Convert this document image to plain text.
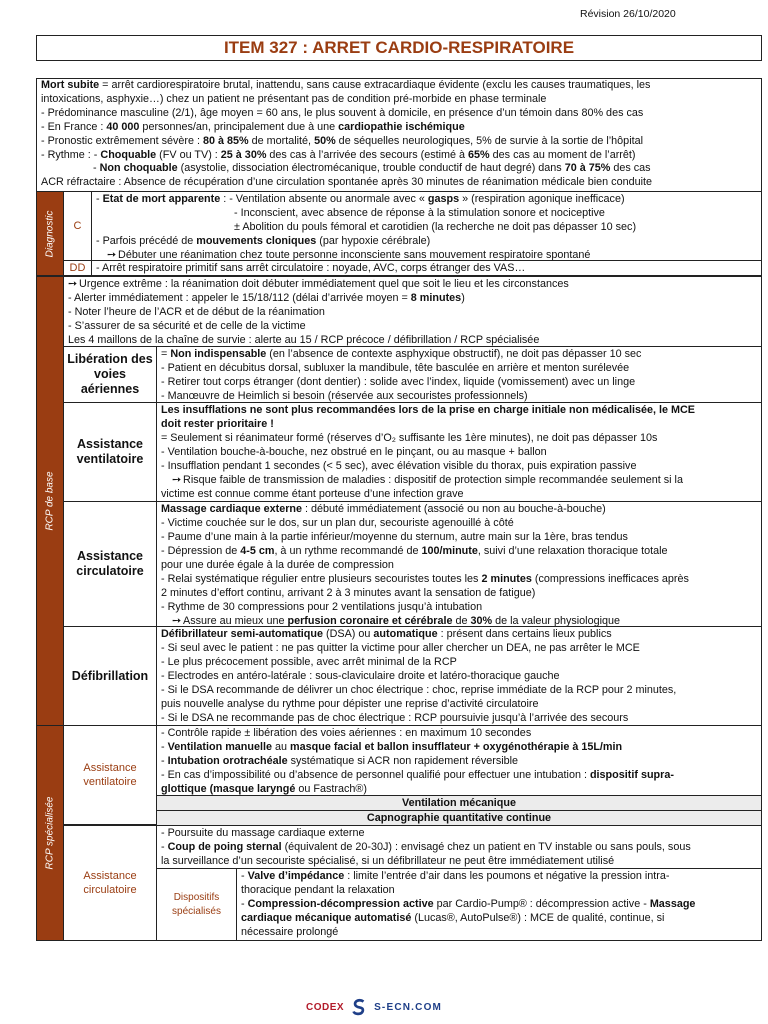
Révision 26/10/2020
ITEM 327 : ARRET CARDIO-RESPIRATOIRE

Mort subite = arrêt cardiorespiratoire brutal, inattendu, sans cause extracardiaque évidente (exclu les causes traumatiques, les

intoxications, asphyxie…) chez un patient ne présentant pas de condition pré-morbide en phase terminale

- Prédominance masculine (2/1), âge moyen = 60 ans, le plus souvent à domicile, en présence d’un témoin dans 80% des cas

- En France : 40 000 personnes/an, principalement due à une cardiopathie ischémique

- Pronostic extrêmement sévère : 80 à 85% de mortalité, 50% de séquelles neurologiques, 5% de survie à la sortie de l’hôpital

- Rythme : - Choquable (FV ou TV) : 25 à 30% des cas à l’arrivée des secours (estimé à 65% des cas au moment de l’arrêt)

- Non choquable (asystolie, dissociation électromécanique, trouble conductif de haut degré) dans 70 à 75% des cas

ACR réfractaire : Absence de récupération d’une circulation spontanée après 30 minutes de réanimation médicale bien conduite

Diagnostic C

- Etat de mort apparente : - Ventilation absente ou anormale avec « gasps » (respiration agonique inefficace)

- Inconscient, avec absence de réponse à la stimulation sonore et nociceptive

± Abolition du pouls fémoral et carotidien (la recherche ne doit pas dépasser 10 sec)

- Parfois précédé de mouvements cloniques (par hypoxie cérébrale)

➙ Débuter une réanimation chez toute personne inconsciente sans mouvement respiratoire spontané

DD - Arrêt respiratoire primitif sans arrêt circulatoire : noyade, AVC, corps étranger des VAS…

RCP de base

➙ Urgence extrême : la réanimation doit débuter immédiatement quel que soit le lieu et les circonstances

- Alerter immédiatement : appeler le 15/18/112 (délai d’arrivée moyen = 8 minutes)

- Noter l’heure de l’ACR et de début de la réanimation

- S’assurer de sa sécurité et de celle de la victime

Les 4 maillons de la chaîne de survie : alerte au 15 / RCP précoce / défibrillation / RCP spécialisée

Libération des voies aériennes

= Non indispensable (en l’absence de contexte asphyxique obstructif), ne doit pas dépasser 10 sec

- Patient en décubitus dorsal, subluxer la mandibule, tête basculée en arrière et menton surélevée

- Retirer tout corps étranger (dont dentier) : solide avec l’index, liquide (vomissement) avec un linge

- Manœuvre de Heimlich si besoin (réservée aux secouristes professionnels)

Assistance ventilatoire

Les insufflations ne sont plus recommandées lors de la prise en charge initiale non médicalisée, le MCE

doit rester prioritaire !

= Seulement si réanimateur formé (réserves d’O₂ suffisante les 1ère minutes), ne doit pas dépasser 10s

- Ventilation bouche-à-bouche, nez obstrué en le pinçant, ou au masque + ballon

- Insufflation pendant 1 secondes (< 5 sec), avec élévation visible du thorax, puis expiration passive

➙ Risque faible de transmission de maladies : dispositif de protection simple recommandée seulement si la

victime est connue comme étant porteuse d’une infection grave

Assistance circulatoire

Massage cardiaque externe : débuté immédiatement (associé ou non au bouche-à-bouche)

- Victime couchée sur le dos, sur un plan dur, secouriste agenouillé à côté

- Paume d’une main à la partie inférieur/moyenne du sternum, autre main sur la 1ère, bras tendus

- Dépression de 4-5 cm, à un rythme recommandé de 100/minute, suivi d’une relaxation thoracique totale

pour une durée égale à la durée de compression

- Relai systématique régulier entre plusieurs secouristes toutes les 2 minutes (compressions inefficaces après

2 minutes d’effort continu, arrivant 2 à 3 minutes avant la sensation de fatigue)

- Rythme de 30 compressions pour 2 ventilations jusqu’à intubation

➙ Assure au mieux une perfusion coronaire et cérébrale de 30% de la valeur physiologique

Défibrillation

Défibrillateur semi-automatique (DSA) ou automatique : présent dans certains lieux publics

- Si seul avec le patient : ne pas quitter la victime pour aller chercher un DEA, ne pas arrêter le MCE

- Le plus précocement possible, avec arrêt minimal de la RCP

- Electrodes en antéro-latérale : sous-claviculaire droite et latéro-thoracique gauche

- Si le DSA recommande de délivrer un choc électrique : choc, reprise immédiate de la RCP pour 2 minutes,

puis nouvelle analyse du rythme pour dépister une reprise d’activité circulatoire

- Si le DSA ne recommande pas de choc électrique : RCP poursuivie jusqu’à l’arrivée des secours

RCP spécialisée
Assistance ventilatoire

- Contrôle rapide ± libération des voies aériennes : en maximum 10 secondes

- Ventilation manuelle au masque facial et ballon insufflateur + oxygénothérapie à 15L/min

- Intubation orotrachéale systématique si ACR non rapidement réversible

- En cas d’impossibilité ou d’absence de personnel qualifié pour effectuer une intubation : dispositif supra-

glottique (masque laryngé ou Fastrach®)

Ventilation mécanique
Capnographie quantitative continue
Assistance circulatoire

- Poursuite du massage cardiaque externe

- Coup de poing sternal (équivalent de 20-30J) : envisagé chez un patient en TV instable ou sans pouls, sous

la surveillance d’un secouriste spécialisé, si un défibrillateur ne peut être immédiatement utilisé

Dispositifs spécialisés

- Valve d’impédance : limite l’entrée d’air dans les poumons et négative la pression intra-

thoracique pendant la relaxation

- Compression-décompression active par Cardio-Pump® : décompression active - Massage

cardiaque mécanique automatisé (Lucas®, AutoPulse®) : MCE de qualité, continue, si

nécessaire prolongé

CODEX	S-ECN.COM
